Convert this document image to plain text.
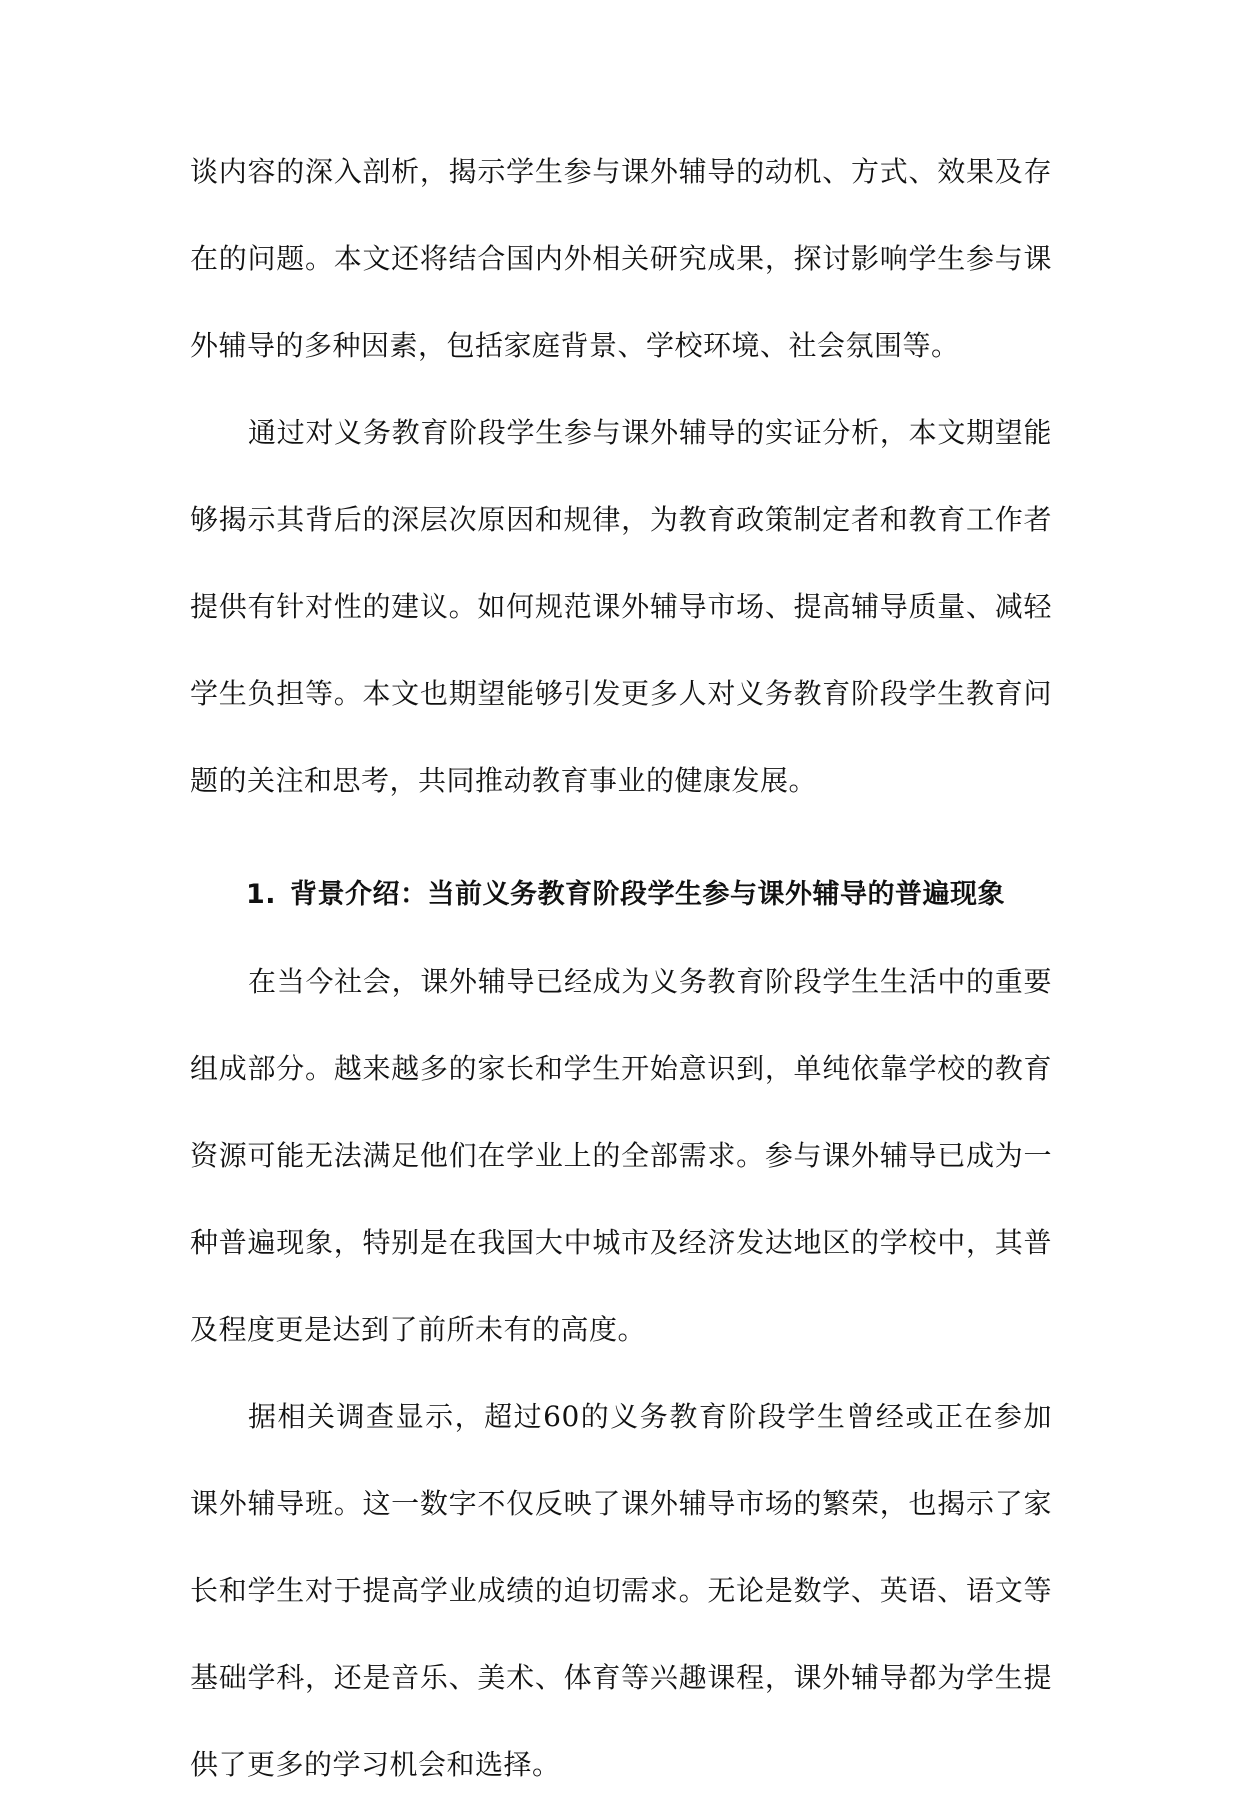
谈内容的深入剖析，揭示学生参与课外辅导的动机、方式、效果及存在的问题。本文还将结合国内外相关研究成果，探讨影响学生参与课外辅导的多种因素，包括家庭背景、学校环境、社会氛围等。

通过对义务教育阶段学生参与课外辅导的实证分析，本文期望能够揭示其背后的深层次原因和规律，为教育政策制定者和教育工作者提供有针对性的建议。如何规范课外辅导市场、提高辅导质量、减轻学生负担等。本文也期望能够引发更多人对义务教育阶段学生教育问题的关注和思考，共同推动教育事业的健康发展。

1. 背景介绍：当前义务教育阶段学生参与课外辅导的普遍现象

在当今社会，课外辅导已经成为义务教育阶段学生生活中的重要组成部分。越来越多的家长和学生开始意识到，单纯依靠学校的教育资源可能无法满足他们在学业上的全部需求。参与课外辅导已成为一种普遍现象，特别是在我国大中城市及经济发达地区的学校中，其普及程度更是达到了前所未有的高度。

据相关调查显示，超过60的义务教育阶段学生曾经或正在参加课外辅导班。这一数字不仅反映了课外辅导市场的繁荣，也揭示了家长和学生对于提高学业成绩的迫切需求。无论是数学、英语、语文等基础学科，还是音乐、美术、体育等兴趣课程，课外辅导都为学生提供了更多的学习机会和选择。
